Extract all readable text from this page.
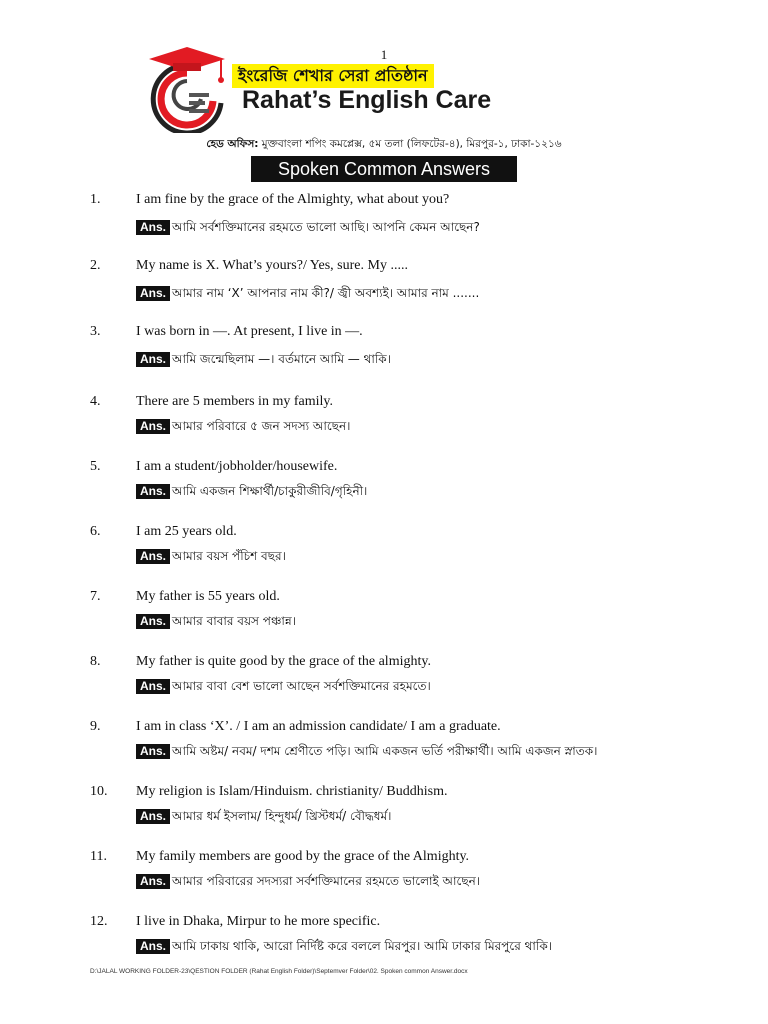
1
ইংরেজি শেখার সেরা প্রতিষ্ঠান
Rahat’s English Care
হেড অফিস: মুক্তবাংলা শপিং কমপ্লেক্স, ৫ম তলা (লিফটের-৪), মিরপুর-১, ঢাকা-১২১৬
Spoken Common Answers
1.	I am fine by the grace of the Almighty, what about you?
Ans. আমি সর্বশক্তিমানের রহমতে ভালো আছি। আপনি কেমন আছেন?
2.	My name is X. What’s yours?/ Yes, sure. My .....
Ans. আমার নাম ‘X’ আপনার নাম কী?/ জ্বী অবশ্যই। আমার নাম .......
3.	I was born in —. At present, I live in —.
Ans. আমি জন্মেছিলাম —। বর্তমানে আমি — থাকি।
4.	There are 5 members in my family.
Ans. আমার পরিবারে ৫ জন সদস্য আছেন।
5.	I am a student/jobholder/housewife.
Ans. আমি একজন শিক্ষার্থী/চাকুরীজীবি/গৃহিনী।
6.	I am 25 years old.
Ans. আমার বয়স পঁচিশ বছর।
7.	My father is 55 years old.
Ans. আমার বাবার বয়স পঞ্চান্ন।
8.	My father is quite good by the grace of the almighty.
Ans. আমার বাবা বেশ ভালো আছেন সর্বশক্তিমানের রহমতে।
9.	I am in class ‘X’. / I am an admission candidate/ I am a graduate.
Ans. আমি অষ্টম/ নবম/ দশম শ্রেণীতে পড়ি। আমি একজন ভর্তি পরীক্ষার্থী। আমি একজন স্নাতক।
10. My religion is Islam/Hinduism. christianity/ Buddhism.
Ans. আমার ধর্ম ইসলাম/ হিন্দুধর্ম/ খ্রিস্টধর্ম/ বৌদ্ধধর্ম।
11. My family members are good by the grace of the Almighty.
Ans. আমার পরিবারের সদস্যরা সর্বশক্তিমানের রহমতে ভালোই আছেন।
12. I live in Dhaka, Mirpur to he more specific.
Ans. আমি ঢাকায় থাকি, আরো নির্দিষ্ট করে বললে মিরপুর। আমি ঢাকার মিরপুরে থাকি।
D:\JALAL WORKING FOLDER-23\QESTION FOLDER (Rahat English Folder)\Septemver Folder\02. Spoken common Answer.docx
